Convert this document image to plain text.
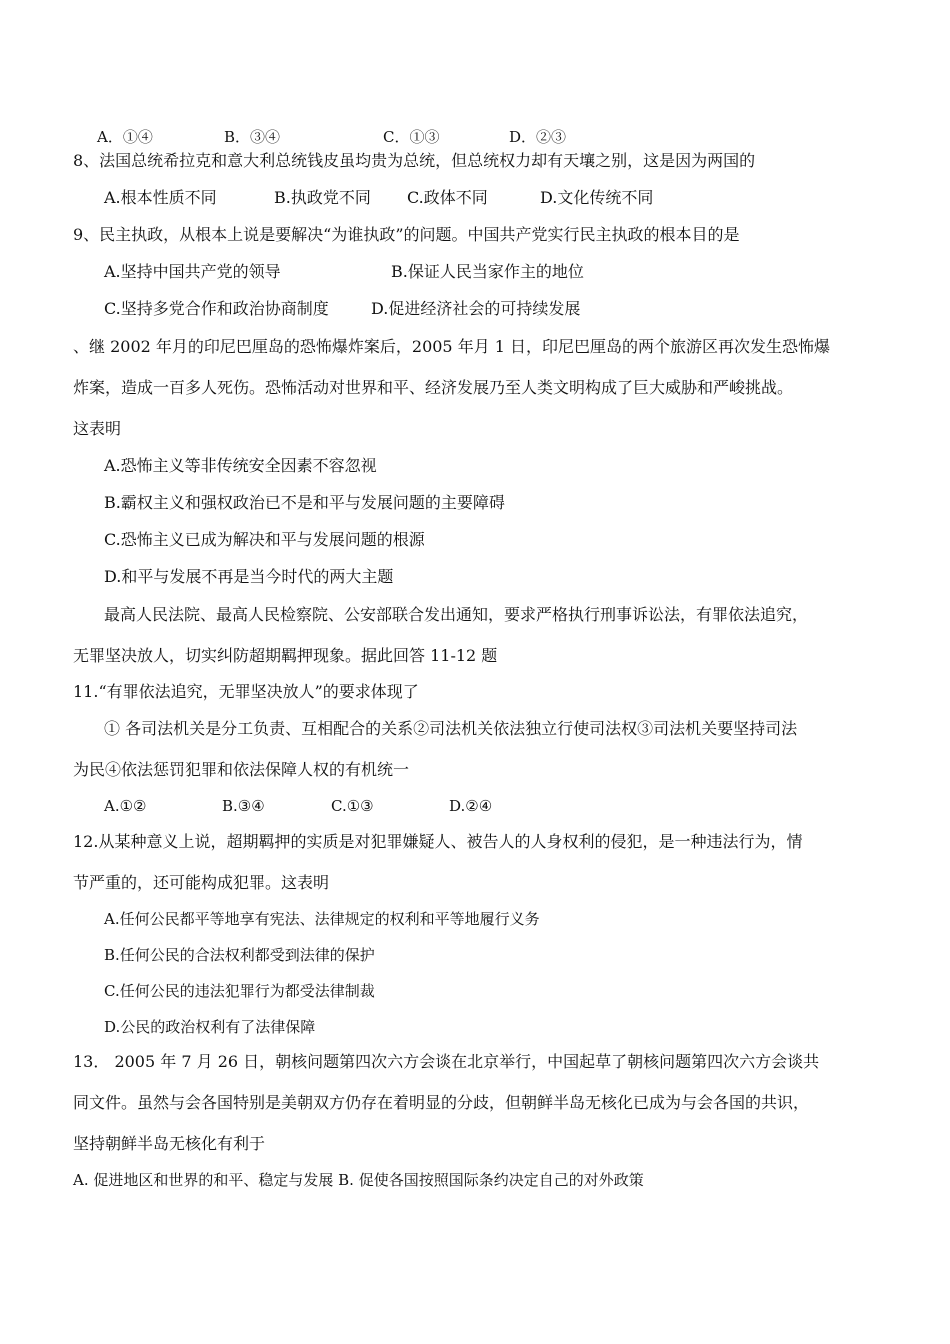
A．①④	B．③④	C．①③	D．②③
8、法国总统希拉克和意大利总统钱皮虽均贵为总统，但总统权力却有天壤之别，这是因为两国的
A.根本性质不同	B.执政党不同 C.政体不同	D.文化传统不同
9、民主执政，从根本上说是要解决“为谁执政”的问题。中国共产党实行民主执政的根本目的是
A.坚持中国共产党的领导	B.保证人民当家作主的地位
C.坚持多党合作和政治协商制度	D.促进经济社会的可持续发展
、继 2002 年月的印尼巴厘岛的恐怖爆炸案后，2005 年月 1 日，印尼巴厘岛的两个旅游区再次发生恐怖爆
炸案，造成一百多人死伤。恐怖活动对世界和平、经济发展乃至人类文明构成了巨大威胁和严峻挑战。
这表明
A.恐怖主义等非传统安全因素不容忽视
B.霸权主义和强权政治已不是和平与发展问题的主要障碍
C.恐怖主义已成为解决和平与发展问题的根源
D.和平与发展不再是当今时代的两大主题
最高人民法院、最高人民检察院、公安部联合发出通知，要求严格执行刑事诉讼法，有罪依法追究，
无罪坚决放人，切实纠防超期羁押现象。据此回答 11-12 题
11.“有罪依法追究，无罪坚决放人”的要求体现了
① 各司法机关是分工负责、互相配合的关系②司法机关依法独立行使司法权③司法机关要坚持司法
为民④依法惩罚犯罪和依法保障人权的有机统一
A.①②	B.③④	C.①③	D.②④
12.从某种意义上说，超期羁押的实质是对犯罪嫌疑人、被告人的人身权利的侵犯，是一种违法行为，情
节严重的，还可能构成犯罪。这表明
A.任何公民都平等地享有宪法、法律规定的权利和平等地履行义务
B.任何公民的合法权利都受到法律的保护
C.任何公民的违法犯罪行为都受法律制裁
D.公民的政治权利有了法律保障
13． 2005 年 7 月 26 日，朝核问题第四次六方会谈在北京举行，中国起草了朝核问题第四次六方会谈共
同文件。虽然与会各国特别是美朝双方仍存在着明显的分歧，但朝鲜半岛无核化已成为与会各国的共识，
坚持朝鲜半岛无核化有利于
A. 促进地区和世界的和平、稳定与发展 B. 促使各国按照国际条约决定自己的对外政策
